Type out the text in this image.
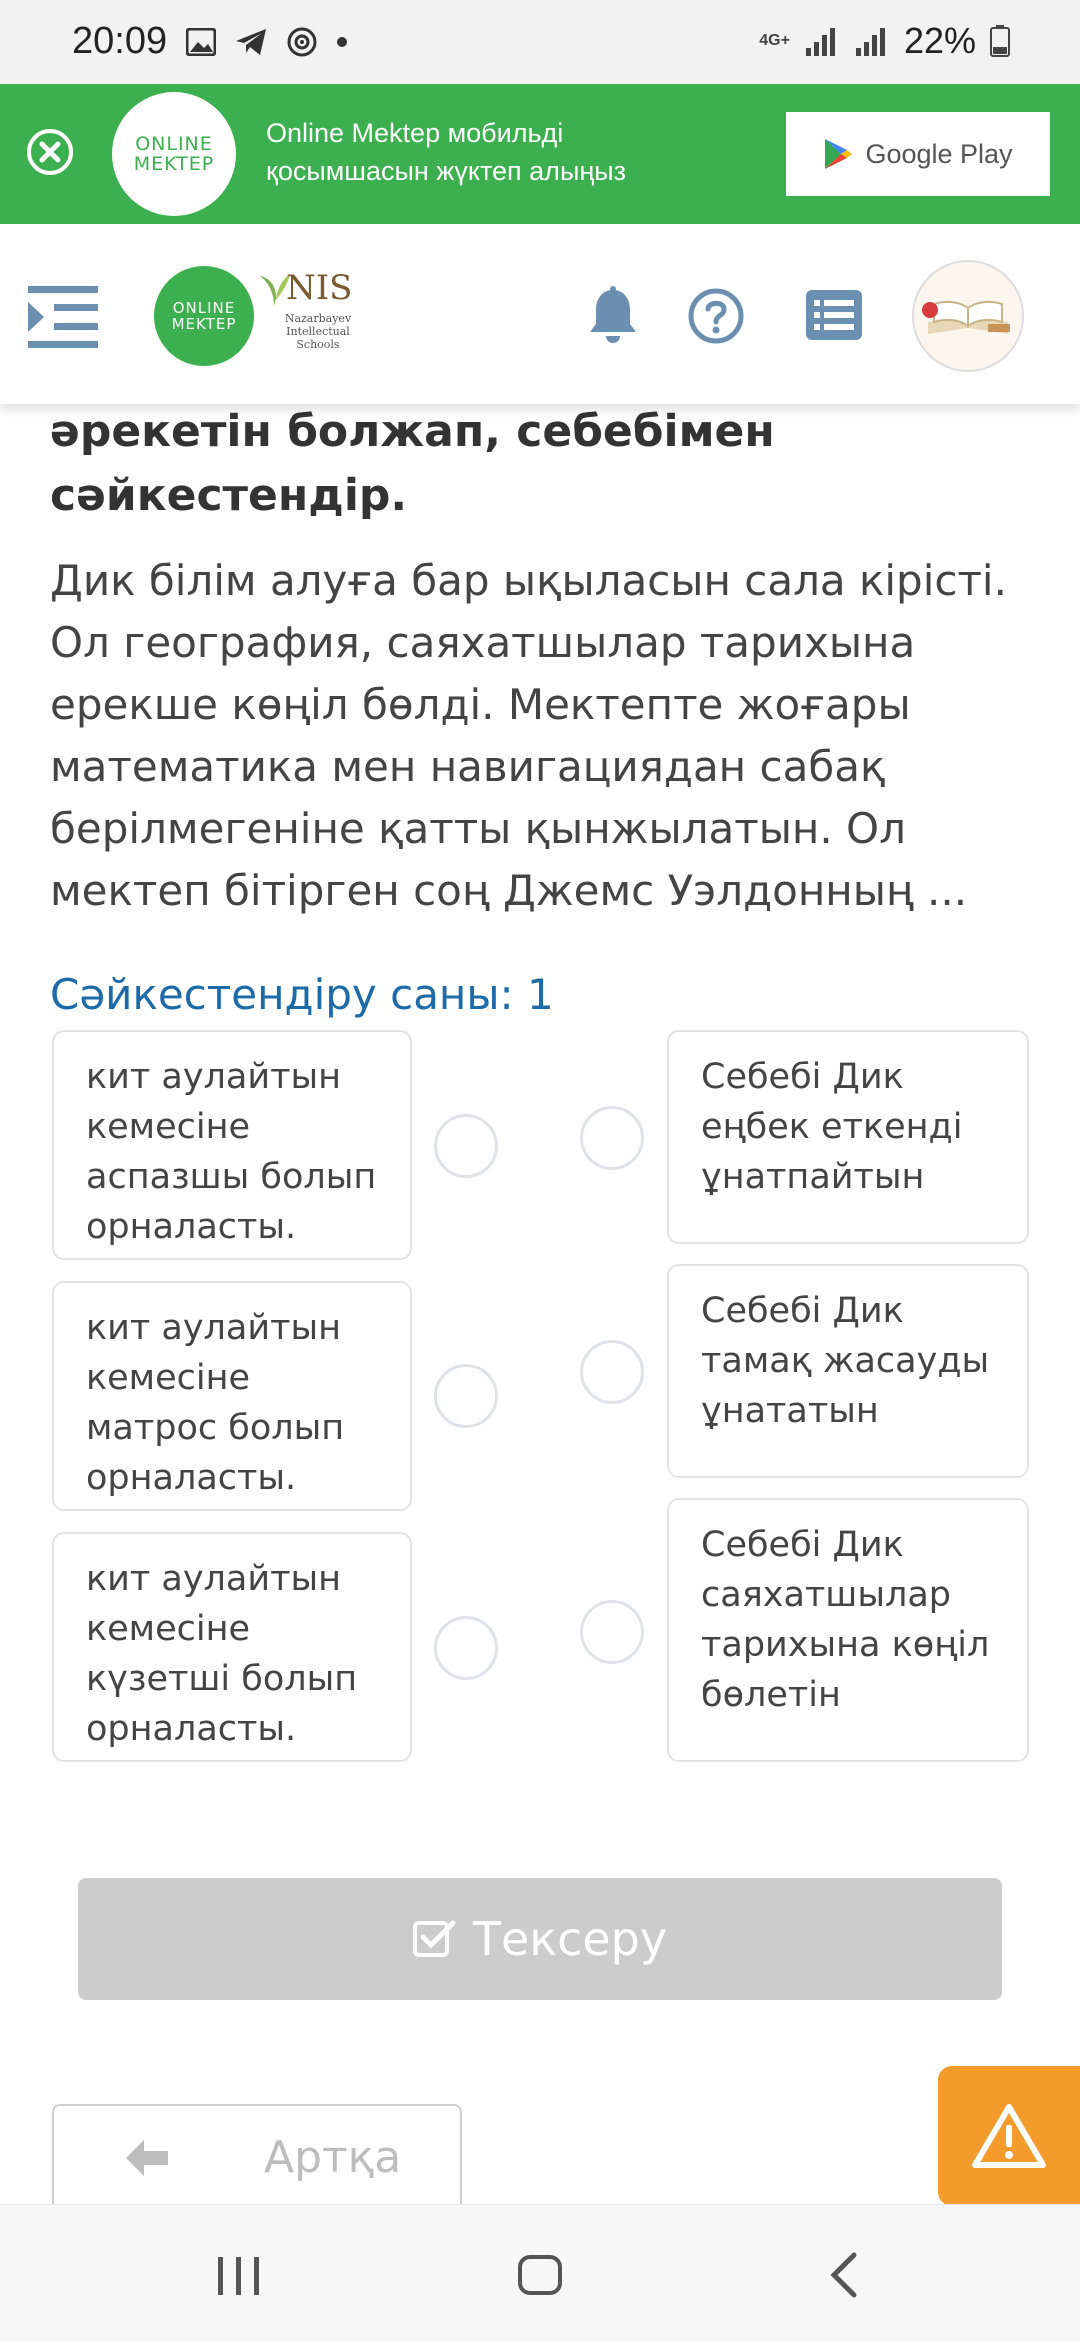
20:09	4G+	22%
ONLINE
MEKTEP
Online Mektep мобильді қосымшасын жүктеп алыңыз
Google Play
ONLINE
MEKTEP
NIS
Nazarbayev Intellectual Schools
әрекетін болжап, себебімен сәйкестендір.
Дик білім алуға бар ықыласын сала кірісті. Ол география, саяхатшылар тарихына ерекше көңіл бөлді. Мектепте жоғары математика мен навигациядан сабақ берілмегеніне қатты қынжылатын. Ол мектеп бітірген соң Джемс Уэлдонның ...
Сәйкестендіру саны: 1
кит аулайтын кемесіне аспазшы болып орналасты.
кит аулайтын кемесіне матрос болып орналасты.
кит аулайтын кемесіне күзетші болып орналасты.
Себебі Дик еңбек еткенді ұнатпайтын
Себебі Дик тамақ жасауды ұнататын
Себебі Дик саяхатшылар тарихына көңіл бөлетін
Тексеру
Артқа
